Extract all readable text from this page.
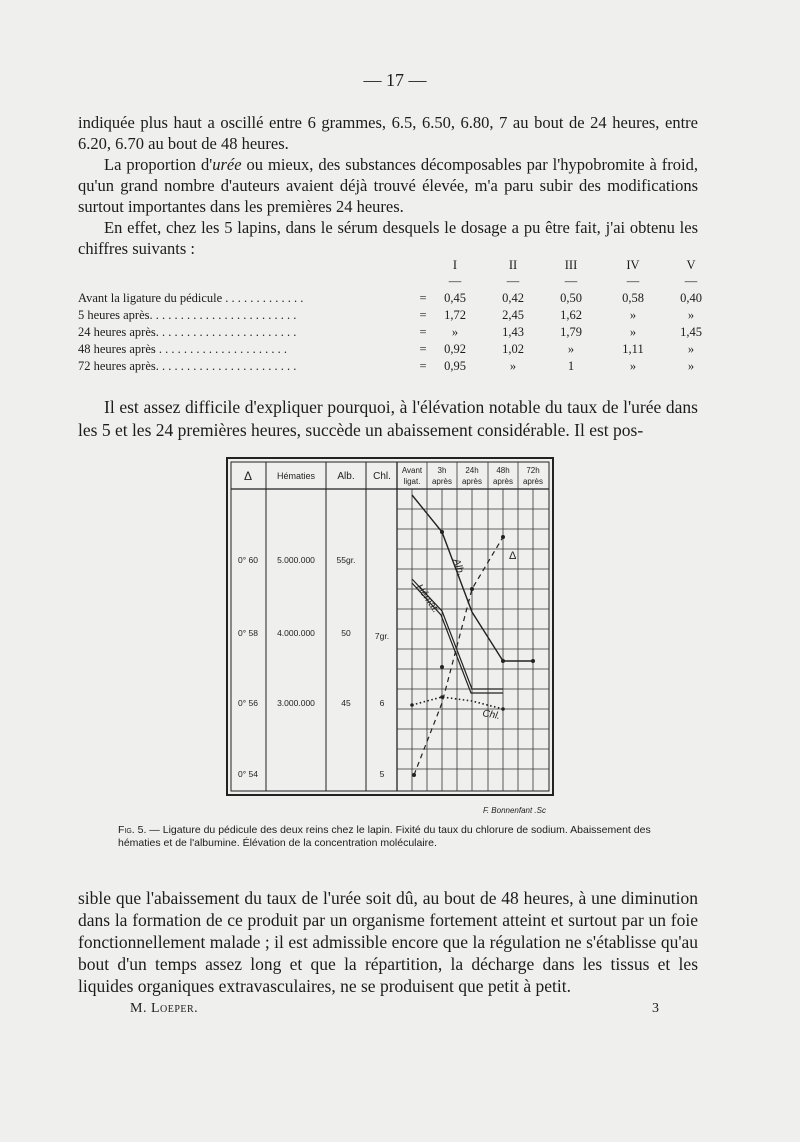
— 17 —

indiquée plus haut a oscillé entre 6 grammes, 6.5, 6.50, 6.80, 7 au bout de 24 heures, entre 6.20, 6.70 au bout de 48 heures.

La proportion d'urée ou mieux, des substances décomposables par l'hypobromite à froid, qu'un grand nombre d'auteurs avaient déjà trouvé élevée, m'a paru subir des modifications surtout importantes dans les premières 24 heures.

En effet, chez les 5 lapins, dans le sérum desquels le dosage a pu être fait, j'ai obtenu les chiffres suivants :

I	II	III	IV	V
—	—	—	—	—
Avant la ligature du pédicule . . . . . . . . . . . . .	=	0,45	0,42	0,50	0,58	0,40
5 heures après. . . . . . . . . . . . . . . . . . . . . . . .	=	1,72	2,45	1,62	»	»
24 heures après. . . . . . . . . . . . . . . . . . . . . . .	=	»	1,43	1,79	»	1,45
48 heures après . . . . . . . . . . . . . . . . . . . . .	=	0,92	1,02	»	1,11	»
72 heures après. . . . . . . . . . . . . . . . . . . . . . .	=	0,95	»	1	»	»

Il est assez difficile d'expliquer pourquoi, à l'élévation notable du taux de l'urée dans les 5 et les 24 premières heures, succède un abaissement considérable. Il est pos-

Δ	Hématies Alb. Chl.
Avant
ligat.
3h
après
24h
après
48h
après
72h
après
0° 60
0° 58
0° 56
0° 54
5.000.000
4.000.000
3.000.000
55gr.
50
45
7gr.
6
5
Alb.
Hémat.
Δ
Chl.
F. Bonnenfant .Sc

Fig. 5. — Ligature du pédicule des deux reins chez le lapin. Fixité du taux du chlorure de sodium. Abaissement des hématies et de l'albumine. Élévation de la concentration moléculaire.

sible que l'abaissement du taux de l'urée soit dû, au bout de 48 heures, à une diminution dans la formation de ce produit par un organisme fortement atteint et surtout par un foie fonctionnellement malade ; il est admissible encore que la régulation ne s'établisse qu'au bout d'un temps assez long et que la répartition, la décharge dans les tissus et les liquides organiques extravasculaires, ne se produisent que petit à petit.

M. Loeper.	3
